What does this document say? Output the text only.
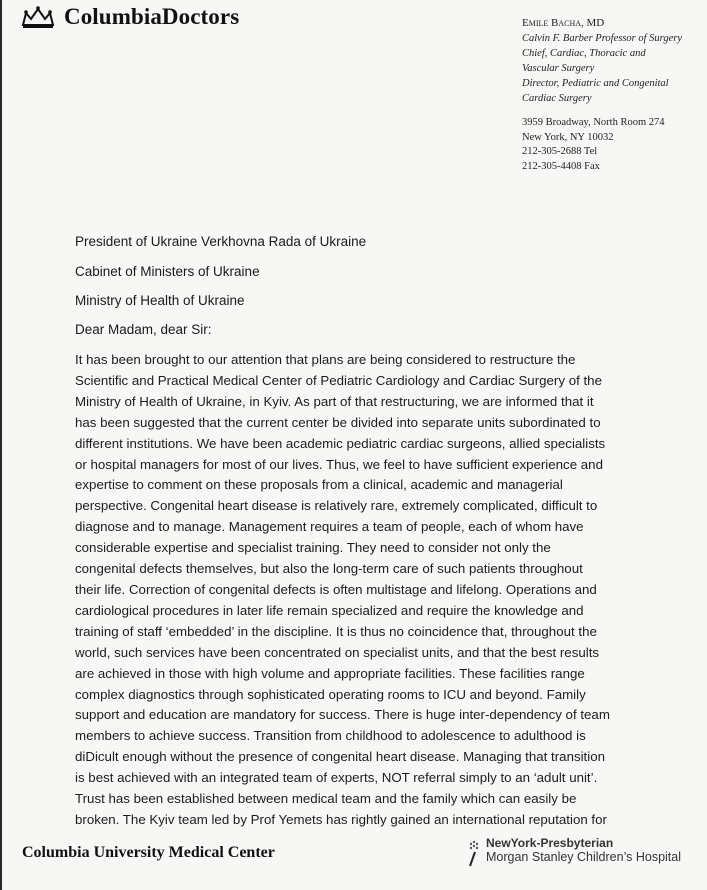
ColumbiaDoctors	Emile Bacha, MD
Calvin F. Barber Professor of Surgery
Chief, Cardiac, Thoracic and
Vascular Surgery
Director, Pediatric and Congenital
Cardiac Surgery
3959 Broadway, North Room 274
New York, NY 10032
212-305-2688 Tel
212-305-4408 Fax
President of Ukraine Verkhovna Rada of Ukraine
Cabinet of Ministers of Ukraine
Ministry of Health of Ukraine
Dear Madam, dear Sir:
It has been brought to our attention that plans are being considered to restructure the
Scientific and Practical Medical Center of Pediatric Cardiology and Cardiac Surgery of the
Ministry of Health of Ukraine, in Kyiv. As part of that restructuring, we are informed that it
has been suggested that the current center be divided into separate units subordinated to
different institutions. We have been academic pediatric cardiac surgeons, allied specialists
or hospital managers for most of our lives. Thus, we feel to have sufficient experience and
expertise to comment on these proposals from a clinical, academic and managerial
perspective. Congenital heart disease is relatively rare, extremely complicated, difficult to
diagnose and to manage. Management requires a team of people, each of whom have
considerable expertise and specialist training. They need to consider not only the
congenital defects themselves, but also the long-term care of such patients throughout
their life. Correction of congenital defects is often multistage and lifelong. Operations and
cardiological procedures in later life remain specialized and require the knowledge and
training of staff ‘embedded’ in the discipline. It is thus no coincidence that, throughout the
world, such services have been concentrated on specialist units, and that the best results
are achieved in those with high volume and appropriate facilities. These facilities range
complex diagnostics through sophisticated operating rooms to ICU and beyond. Family
support and education are mandatory for success. There is huge inter-dependency of team
members to achieve success. Transition from childhood to adolescence to adulthood is
diDicult enough without the presence of congenital heart disease. Managing that transition
is best achieved with an integrated team of experts, NOT referral simply to an ‘adult unit’.
Trust has been established between medical team and the family which can easily be
broken. The Kyiv team led by Prof Yemets has rightly gained an international reputation for
Columbia University Medical Center
NewYork-Presbyterian
Morgan Stanley Children’s Hospital
